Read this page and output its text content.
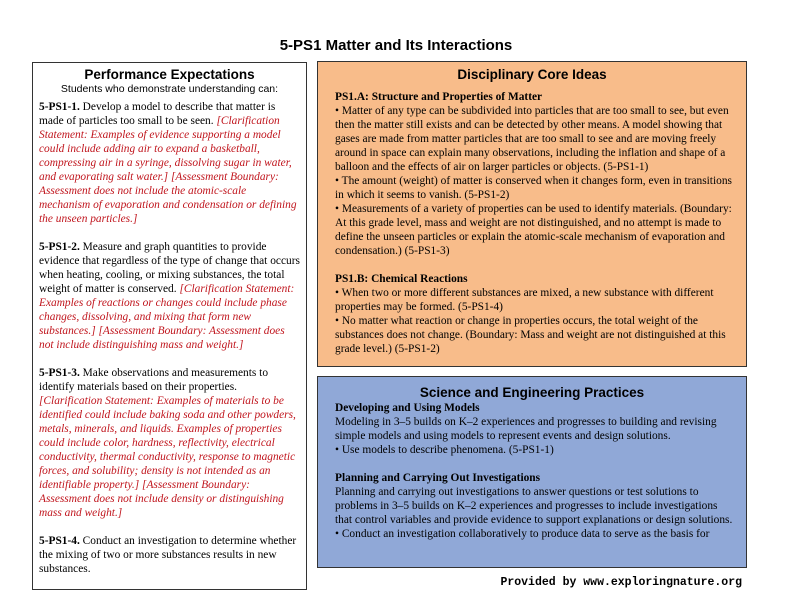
5-PS1 Matter and Its Interactions
Performance Expectations
Students who demonstrate understanding can:
5-PS1-1. Develop a model to describe that matter is made of particles too small to be seen. [Clarification Statement: Examples of evidence supporting a model could include adding air to expand a basketball, compressing air in a syringe, dissolving sugar in water, and evaporating salt water.] [Assessment Boundary: Assessment does not include the atomic-scale mechanism of evaporation and condensation or defining the unseen particles.]
5-PS1-2. Measure and graph quantities to provide evidence that regardless of the type of change that occurs when heating, cooling, or mixing substances, the total weight of matter is conserved. [Clarification Statement: Examples of reactions or changes could include phase changes, dissolving, and mixing that form new substances.] [Assessment Boundary: Assessment does not include distinguishing mass and weight.]
5-PS1-3. Make observations and measurements to identify materials based on their properties. [Clarification Statement: Examples of materials to be identified could include baking soda and other powders, metals, minerals, and liquids. Examples of properties could include color, hardness, reflectivity, electrical conductivity, thermal conductivity, response to magnetic forces, and solubility; density is not intended as an identifiable property.] [Assessment Boundary: Assessment does not include density or distinguishing mass and weight.]
5-PS1-4. Conduct an investigation to determine whether the mixing of two or more substances results in new substances.
Disciplinary Core Ideas
PS1.A: Structure and Properties of Matter
• Matter of any type can be subdivided into particles that are too small to see, but even then the matter still exists and can be detected by other means. A model showing that gases are made from matter particles that are too small to see and are moving freely around in space can explain many observations, including the inflation and shape of a balloon and the effects of air on larger particles or objects. (5-PS1-1)
• The amount (weight) of matter is conserved when it changes form, even in transitions in which it seems to vanish. (5-PS1-2)
• Measurements of a variety of properties can be used to identify materials. (Boundary: At this grade level, mass and weight are not distinguished, and no attempt is made to define the unseen particles or explain the atomic-scale mechanism of evaporation and condensation.) (5-PS1-3)
PS1.B: Chemical Reactions
• When two or more different substances are mixed, a new substance with different properties may be formed. (5-PS1-4)
• No matter what reaction or change in properties occurs, the total weight of the substances does not change. (Boundary: Mass and weight are not distinguished at this grade level.) (5-PS1-2)
Science and Engineering Practices
Developing and Using Models
Modeling in 3–5 builds on K–2 experiences and progresses to building and revising simple models and using models to represent events and design solutions.
• Use models to describe phenomena. (5-PS1-1)
Planning and Carrying Out Investigations
Planning and carrying out investigations to answer questions or test solutions to problems in 3–5 builds on K–2 experiences and progresses to include investigations that control variables and provide evidence to support explanations or design solutions.
• Conduct an investigation collaboratively to produce data to serve as the basis for
Provided by www.exploringnature.org
